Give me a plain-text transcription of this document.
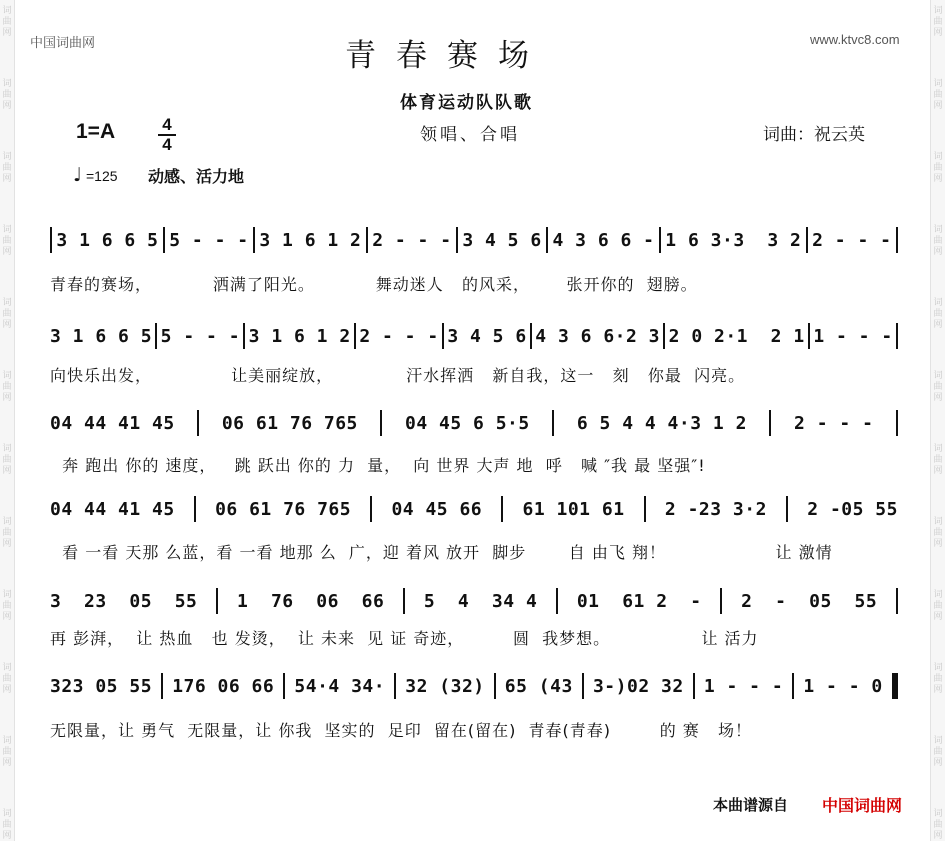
词曲网
词曲网
词曲网
词曲网
词曲网
词曲网
词曲网
词曲网
词曲网
词曲网
词曲网
词曲网
词曲网
词曲网
词曲网
词曲网
词曲网
词曲网
词曲网
词曲网
词曲网
词曲网
词曲网
词曲网
中国词曲网	www.ktvc8.com
青春赛场
体育运动队队歌
1=A	4
4	领唱、合唱	词曲：祝云英
♩ =125 动感、活力地
3 1 6 6 5 5 - - - 3 1 6 1 2 2 - - - 3 4 5 6 4 3 6 6 - 1 6 3·3  3 2 2 - - -
青春的赛场，          洒满了阳光。          舞动迷人   的风采，      张开你的  翅膀。
3 1 6 6 5 5 - - - 3 1 6 1 2 2 - - - 3 4 5 6 4 3 6 6·2 3 2 0 2·1  2 1 1 - - -
向快乐出发，             让美丽绽放，            汗水挥洒   新自我，这一   刻   你最  闪亮。
04 44 41 45	06 61 76 765	04 45 6 5·5	6 5 4 4 4·3 1 2	2 - - -
奔 跑出 你的 速度，   跳 跃出 你的 力  量，  向 世界 大声 地  呼   喊 ″我 最 坚强″!
04 44 41 45 06 61 76 765 04 45 66 61 101 61 2 -23 3·2 2 -05 55
看 一看 天那 么蓝，看 一看 地那 么  广，迎 着风 放开  脚步       自 由飞 翔！                  让 激情
3  23  05  55 1  76  06  66 5  4  34 4 01  61 2  - 2  -  05  55
再 彭湃，  让 热血   也 发烫，  让 未来  见 证 奇迹，        圆  我梦想。               让 活力
323 05 55 176 06 66 54·4 34· 32 (32) 65 (43 3-)02 32 1 - - - 1 - - 0
无限量，让 勇气  无限量，让 你我  坚实的  足印  留在(留在)  青春(青春)        的 赛   场！
本曲谱源自 中国词曲网
